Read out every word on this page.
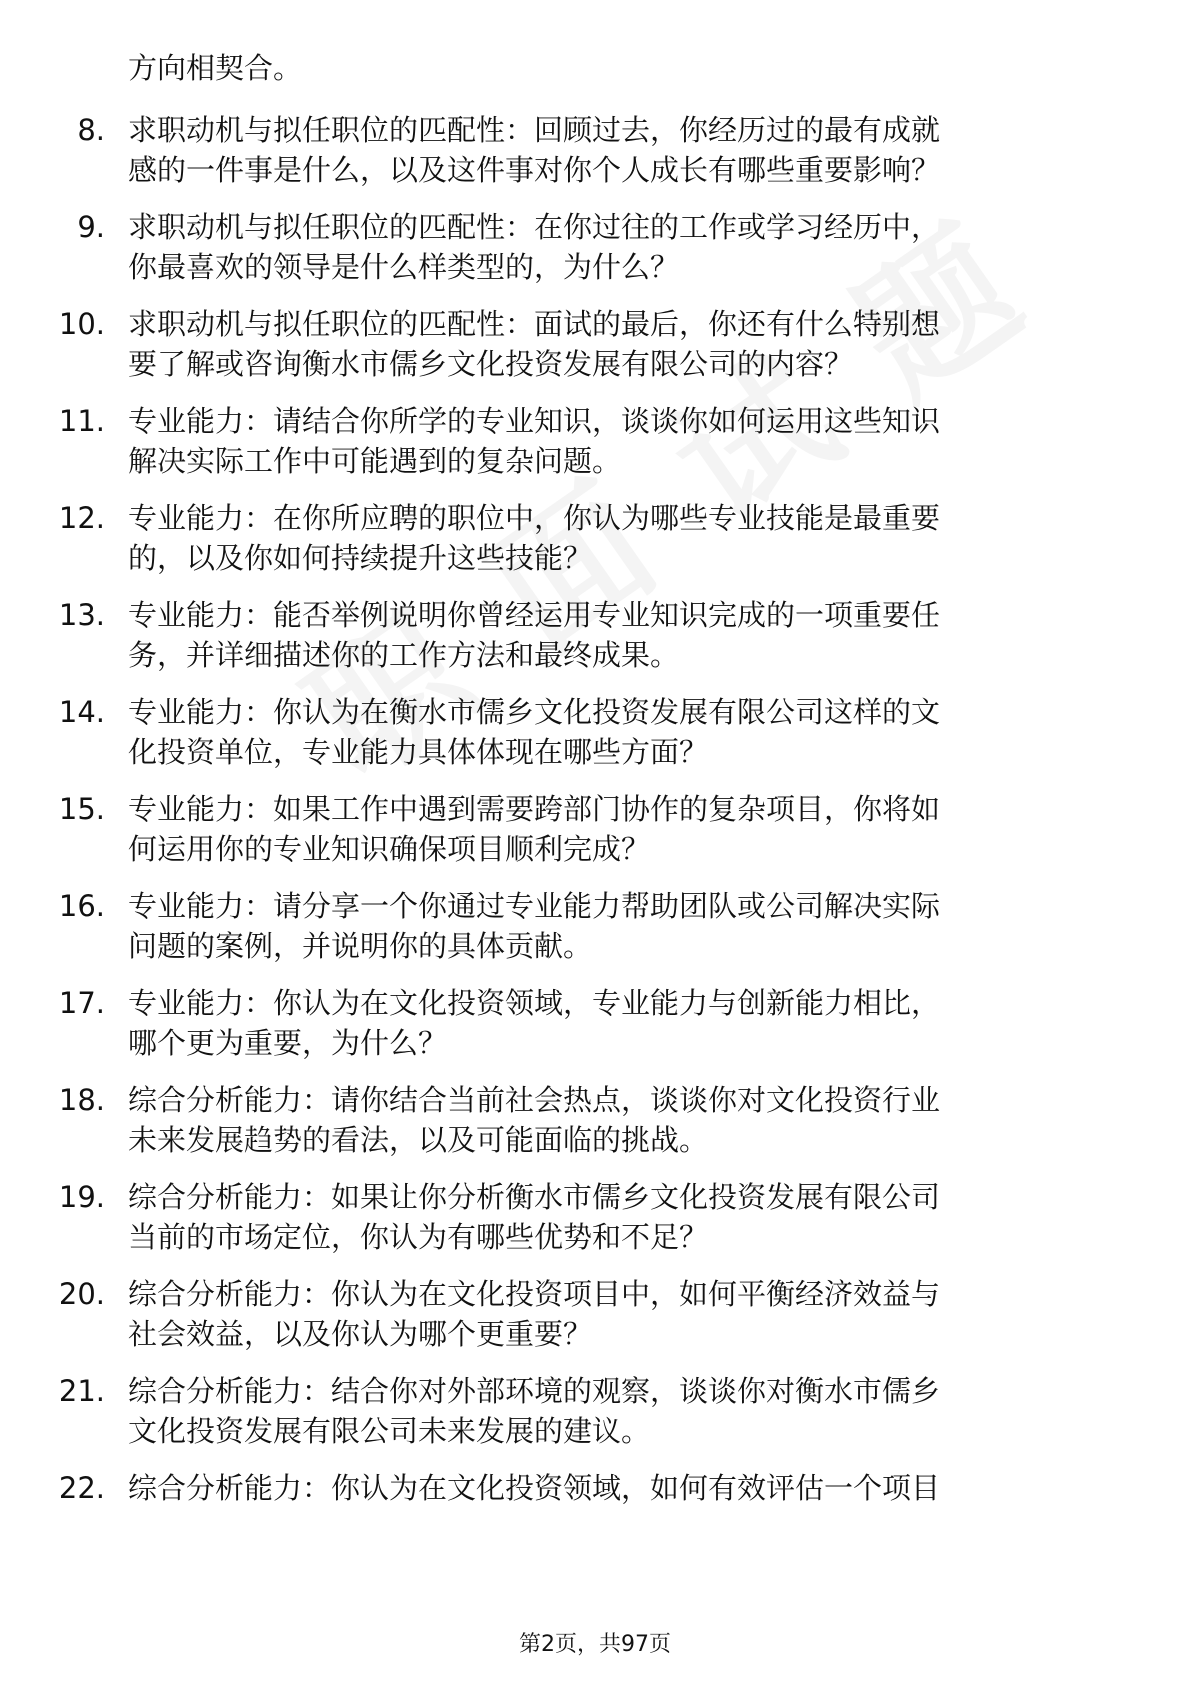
方向相契合。
8. 求职动机与拟任职位的匹配性：回顾过去，你经历过的最有成就
感的一件事是什么，以及这件事对你个人成长有哪些重要影响？
9. 求职动机与拟任职位的匹配性：在你过往的工作或学习经历中，
你最喜欢的领导是什么样类型的，为什么？
10. 求职动机与拟任职位的匹配性：面试的最后，你还有什么特别想
要了解或咨询衡水市儒乡文化投资发展有限公司的内容？
11. 专业能力：请结合你所学的专业知识，谈谈你如何运用这些知识
解决实际工作中可能遇到的复杂问题。
12. 专业能力：在你所应聘的职位中，你认为哪些专业技能是最重要
的，以及你如何持续提升这些技能？
13. 专业能力：能否举例说明你曾经运用专业知识完成的一项重要任
务，并详细描述你的工作方法和最终成果。
14. 专业能力：你认为在衡水市儒乡文化投资发展有限公司这样的文
化投资单位，专业能力具体体现在哪些方面？
15. 专业能力：如果工作中遇到需要跨部门协作的复杂项目，你将如
何运用你的专业知识确保项目顺利完成？
16. 专业能力：请分享一个你通过专业能力帮助团队或公司解决实际
问题的案例，并说明你的具体贡献。
17. 专业能力：你认为在文化投资领域，专业能力与创新能力相比，
哪个更为重要，为什么？
18. 综合分析能力：请你结合当前社会热点，谈谈你对文化投资行业
未来发展趋势的看法，以及可能面临的挑战。
19. 综合分析能力：如果让你分析衡水市儒乡文化投资发展有限公司
当前的市场定位，你认为有哪些优势和不足？
20. 综合分析能力：你认为在文化投资项目中，如何平衡经济效益与
社会效益，以及你认为哪个更重要？
21. 综合分析能力：结合你对外部环境的观察，谈谈你对衡水市儒乡
文化投资发展有限公司未来发展的建议。
22. 综合分析能力：你认为在文化投资领域，如何有效评估一个项目
第2页，共97页
